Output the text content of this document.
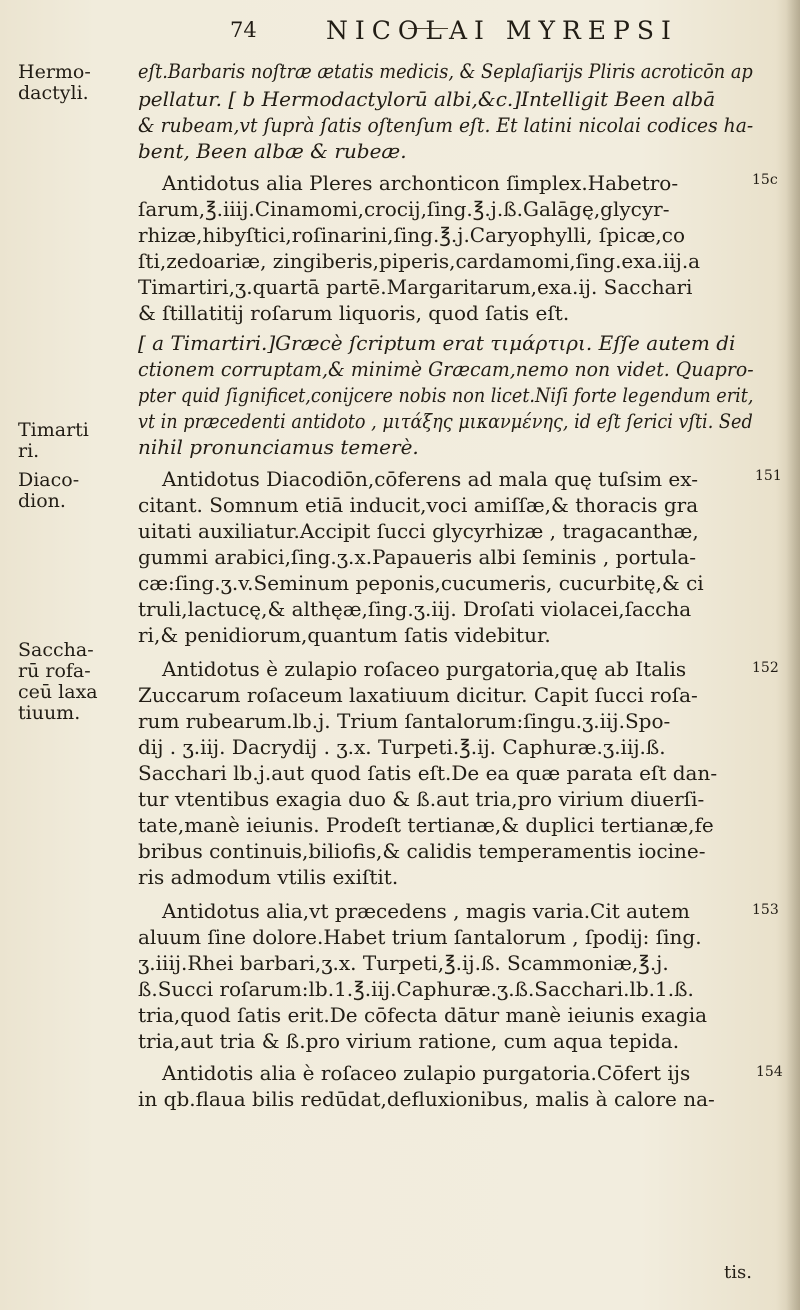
74	NICOLAI MYREPSI
Hermo-
dactyli.
Timarti
ri.
Diaco-
dion.
Saccha-
rū rofa-
ceū laxa
tiuum.
15c
151
152
153
154
eſt.Barbaris noſtræ ætatis medicis, & Seplaſiarijs Pliris acroticōn ap
pellatur. [ b Hermodactylorū albi,&c.]Intelligit Been albā
& rubeam,vt ſuprà ſatis oſtenſum eſt. Et latini nicolai codices ha-
bent, Been albæ & rubeæ.
Antidotus alia Pleres archonticon ſimplex.Habetro-
ſarum,℥.iiij.Cinamomi,crocij,ſing.℥.j.ß.Galāgę,glycyr-
rhizæ,hibyſtici,roſinarini,ſing.℥.j.Caryophylli, ſpicæ,co
ſti,zedoariæ, zingiberis,piperis,cardamomi,ſing.exa.iij.a
Timartiri,ʒ.quartā partē.Margaritarum,exa.ij. Sacchari
& ſtillatitij roſarum liquoris, quod ſatis eſt.
[ a Timartiri.]Græcè ſcriptum erat τιμάρτιρι. Eſſe autem di
ctionem corruptam,& minimè Græcam,nemo non videt. Quapro-
pter quid ſignificet,conijcere nobis non licet.Niſi forte legendum erit,
vt in præcedenti antidoto , μιτάξης μικανμένης, id eſt ſerici vſti. Sed
nihil pronunciamus temerè.
Antidotus Diacodiōn,cōferens ad mala quę tuſsim ex-
citant. Somnum etiā inducit,voci amiſſæ,& thoracis gra
uitati auxiliatur.Accipit ſucci glycyrhizæ , tragacanthæ,
gummi arabici,ſing.ʒ.x.Papaueris albi ſeminis , portula-
cæ:ſing.ʒ.v.Seminum peponis,cucumeris, cucurbitę,& ci
truli,lactucę,& althęæ,ſing.ʒ.iij. Droſati violacei,ſaccha
ri,& penidiorum,quantum ſatis videbitur.
Antidotus è zulapio roſaceo purgatoria,quę ab Italis
Zuccarum roſaceum laxatiuum dicitur. Capit ſucci roſa-
rum rubearum.lb.j. Trium ſantalorum:ſingu.ʒ.iij.Spo-
dij . ʒ.iij. Dacrydij . ʒ.x. Turpeti.℥.ij. Caphuræ.ʒ.iij.ß.
Sacchari lb.j.aut quod ſatis eſt.De ea quæ parata eſt dan-
tur vtentibus exagia duo & ß.aut tria,pro virium diuerſi-
tate,manè ieiunis. Prodeſt tertianæ,& duplici tertianæ,fe
bribus continuis,biliofis,& calidis temperamentis iocine-
ris admodum vtilis exiſtit.
Antidotus alia,vt præcedens , magis varia.Cit autem
aluum ſine dolore.Habet trium ſantalorum , ſpodij: ſing.
ʒ.iiij.Rhei barbari,ʒ.x. Turpeti,℥.ij.ß. Scammoniæ,℥.j.
ß.Succi roſarum:lb.1.℥.iij.Caphuræ.ʒ.ß.Sacchari.lb.1.ß.
tria,quod ſatis erit.De cōfecta dātur manè ieiunis exagia
tria,aut tria & ß.pro virium ratione, cum aqua tepida.
Antidotis alia è roſaceo zulapio purgatoria.Cōfert ijs
in qb.flaua bilis redūdat,defluxionibus, malis à calore na-
tis.
